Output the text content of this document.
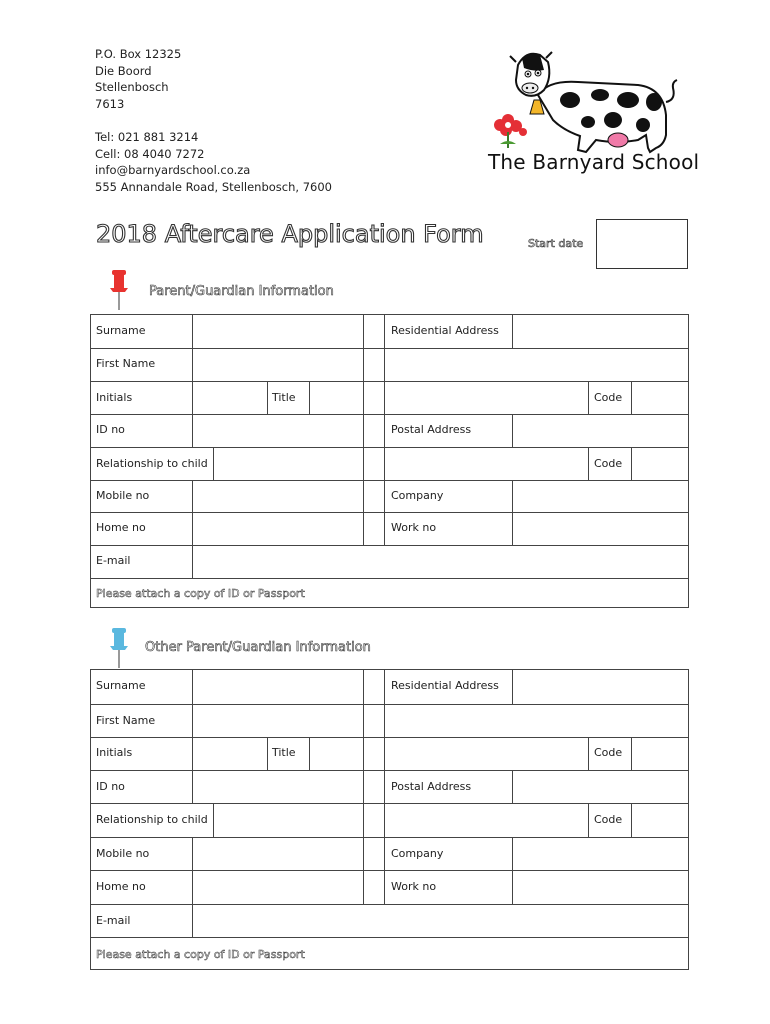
P.O. Box 12325
Die Boord
Stellenbosch
7613
Tel: 021 881 3214
Cell: 08 4040 7272
info@barnyardschool.co.za
555 Annandale Road, Stellenbosch, 7600
The Barnyard School
2018 Aftercare Application Form	Start date
Parent/Guardian Information
Surname	Residential Address
First Name
Initials	Title	Code
ID no	Postal Address
Relationship to child	Code
Mobile no	Company
Home no	Work no
E-mail
Please attach a copy of ID or Passport
Other Parent/Guardian Information
Surname	Residential Address
First Name
Initials	Title	Code
ID no	Postal Address
Relationship to child	Code
Mobile no	Company
Home no	Work no
E-mail
Please attach a copy of ID or Passport
